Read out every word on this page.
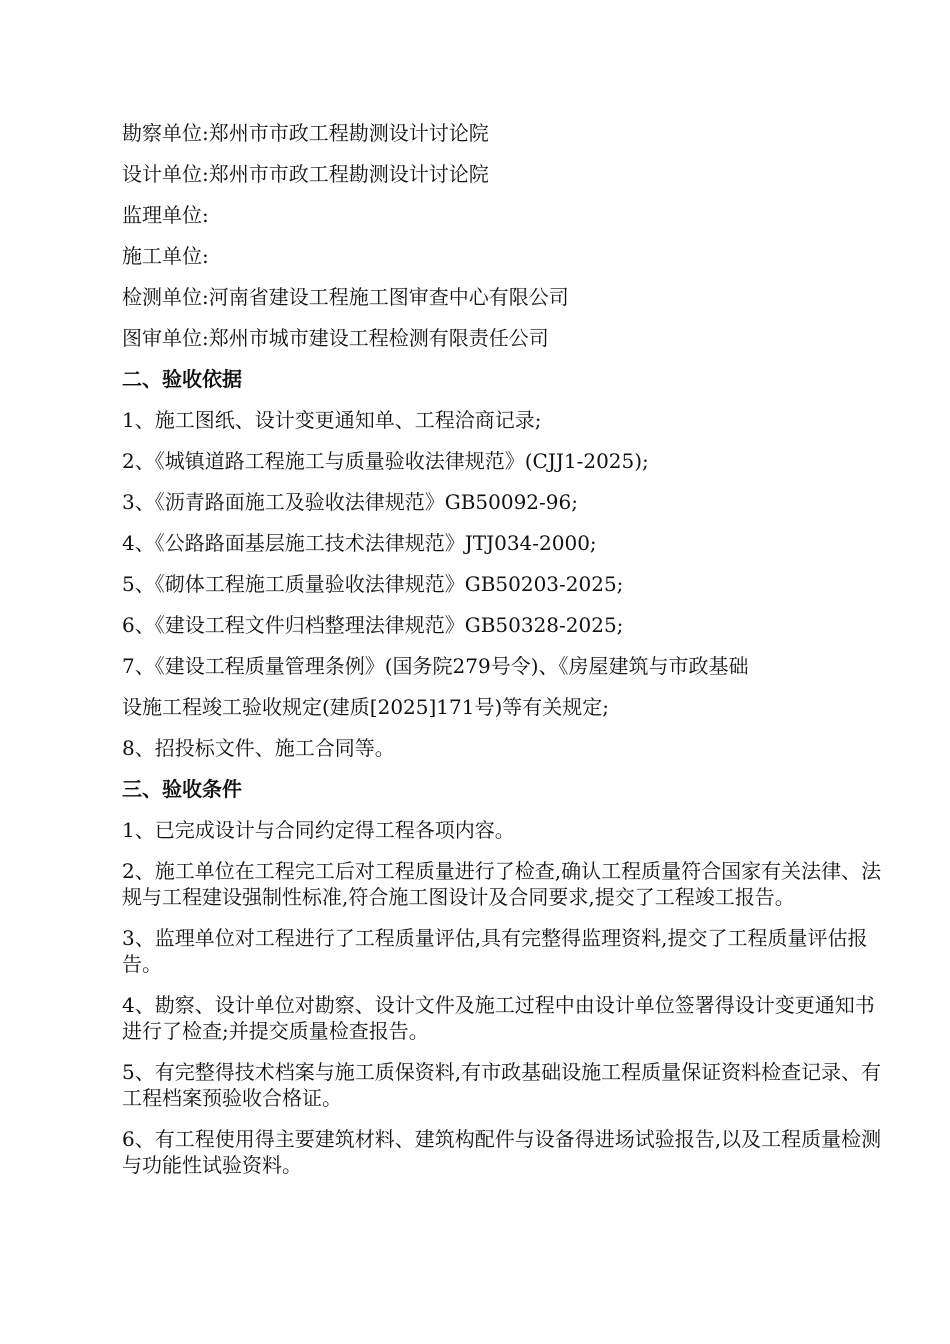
勘察单位:郑州市市政工程勘测设计讨论院
设计单位:郑州市市政工程勘测设计讨论院
监理单位:
施工单位:
检测单位:河南省建设工程施工图审查中心有限公司
图审单位:郑州市城市建设工程检测有限责任公司
二、验收依据
1、施工图纸、设计变更通知单、工程洽商记录;
2、《城镇道路工程施工与质量验收法律规范》(CJJ1-2025);
3、《沥青路面施工及验收法律规范》GB50092-96;
4、《公路路面基层施工技术法律规范》JTJ034-2000;
5、《砌体工程施工质量验收法律规范》GB50203-2025;
6、《建设工程文件归档整理法律规范》GB50328-2025;
7、《建设工程质量管理条例》(国务院279号令)、《房屋建筑与市政基础
设施工程竣工验收规定(建质[2025]171号)等有关规定;
8、招投标文件、施工合同等。
三、验收条件
1、已完成设计与合同约定得工程各项内容。
2、施工单位在工程完工后对工程质量进行了检查,确认工程质量符合国家有关法律、法规与工程建设强制性标准,符合施工图设计及合同要求,提交了工程竣工报告。
3、监理单位对工程进行了工程质量评估,具有完整得监理资料,提交了工程质量评估报告。
4、勘察、设计单位对勘察、设计文件及施工过程中由设计单位签署得设计变更通知书进行了检查;并提交质量检查报告。
5、有完整得技术档案与施工质保资料,有市政基础设施工程质量保证资料检查记录、有工程档案预验收合格证。
6、有工程使用得主要建筑材料、建筑构配件与设备得进场试验报告,以及工程质量检测与功能性试验资料。
